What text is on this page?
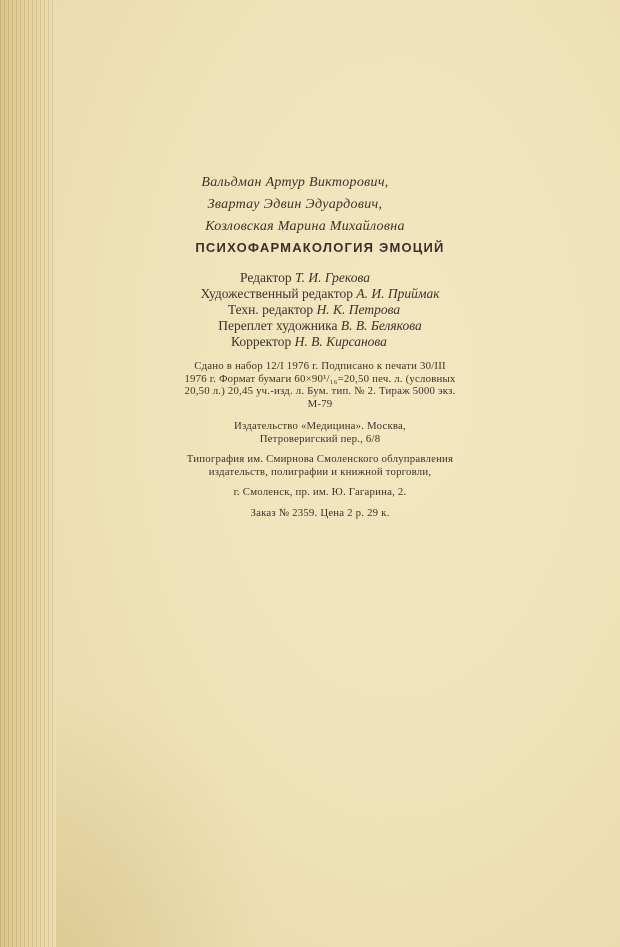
Вальдман Артур Викторович,
Звартау Эдвин Эдуардович,
Козловская Марина Михайловна
ПСИХОФАРМАКОЛОГИЯ ЭМОЦИЙ
Редактор Т. И. Грекова
Художественный редактор А. И. Приймак
Техн. редактор Н. К. Петрова
Переплет художника В. В. Белякова
Корректор Н. В. Кирсанова
Сдано в набор 12/I 1976 г. Подписано к печати 30/III
1976 г. Формат бумаги 60×90¹/₁₆=20,50 печ. л. (условных
20,50 л.) 20,45 уч.-изд. л. Бум. тип. № 2. Тираж 5000 экз.
М-79
Издательство «Медицина». Москва,
Петроверигский пер., 6/8
Типография им. Смирнова Смоленского облуправления
издательств, полиграфии и книжной торговли,
г. Смоленск, пр. им. Ю. Гагарина, 2.
Заказ № 2359. Цена 2 р. 29 к.
